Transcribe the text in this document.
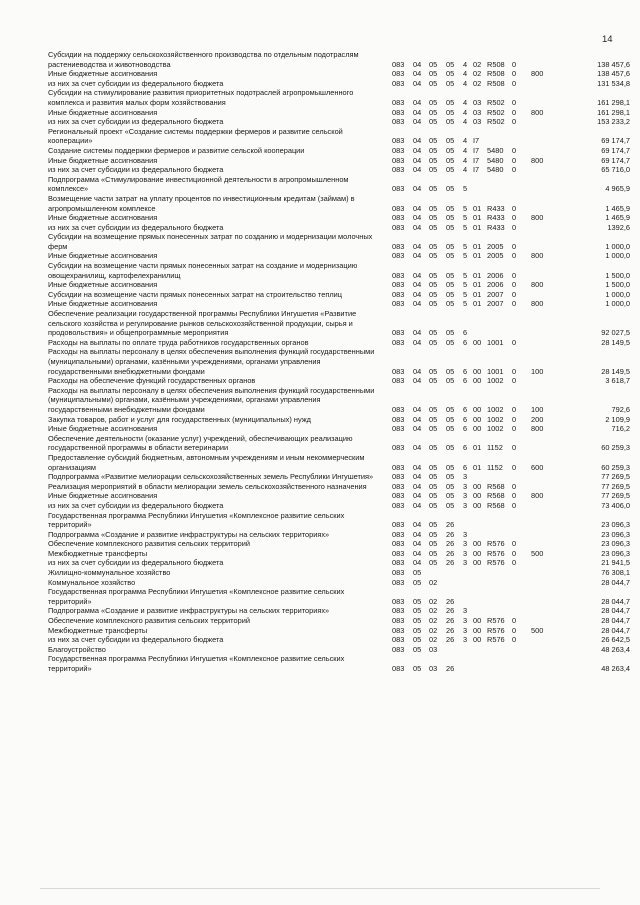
14
Субсидии на поддержку сельскохозяйственного производства по отдельным подотраслям растениеводства и животноводства	083 04 05 05 4 02 R508 0	138 457,6
Иные бюджетные ассигнования	083 04 05 05 4 02 R508 0 800	138 457,6
из них за счет субсидии из федерального бюджета	083 04 05 05 4 02 R508 0	131 534,8
Субсидии на стимулирование развития приоритетных подотраслей агропромышленного комплекса и развития малых форм хозяйствования	083 04 05 05 4 03 R502 0	161 298,1
Иные бюджетные ассигнования	083 04 05 05 4 03 R502 0 800	161 298,1
из них за счет субсидии из федерального бюджета	083 04 05 05 4 03 R502 0	153 233,2
Региональный проект «Создание системы поддержки фермеров и развитие сельской кооперации»	083 04 05 05 4 I7	69 174,7
Создание системы поддержки фермеров и развитие сельской кооперации	083 04 05 05 4 I7 5480 0	69 174,7
Иные бюджетные ассигнования	083 04 05 05 4 I7 5480 0 800	69 174,7
из них за счет субсидии из федерального бюджета	083 04 05 05 4 I7 5480 0	65 716,0
Подпрограмма «Стимулирование инвестиционной деятельности в агропромышленном комплексе»	083 04 05 05 5	4 965,9
Возмещение части затрат на уплату процентов по инвестиционным кредитам (займам) в агропромышленном комплексе	083 04 05 05 5 01 R433 0	1 465,9
Иные бюджетные ассигнования	083 04 05 05 5 01 R433 0 800	1 465,9
из них за счет субсидии из федерального бюджета	083 04 05 05 5 01 R433 0	1392,6
Субсидии на возмещение прямых понесенных затрат по созданию и модернизации молочных ферм	083 04 05 05 5 01 2005 0	1 000,0
Иные бюджетные ассигнования	083 04 05 05 5 01 2005 0 800	1 000,0
Субсидии на возмещение части прямых понесенных затрат на создание и модернизацию овощехранилищ, картофелехранилищ	083 04 05 05 5 01 2006 0	1 500,0
Иные бюджетные ассигнования	083 04 05 05 5 01 2006 0 800	1 500,0
Субсидии на возмещение части прямых понесенных затрат на строительство теплиц	083 04 05 05 5 01 2007 0	1 000,0
Иные бюджетные ассигнования	083 04 05 05 5 01 2007 0 800	1 000,0
Обеспечение реализации государственной программы Республики Ингушетия «Развитие сельского хозяйства и регулирование рынков сельскохозяйственной продукции, сырья и продовольствия» и общепрограммные мероприятия	083 04 05 05 6	92 027,5
Расходы на выплаты по оплате труда работников государственных органов	083 04 05 05 6 00 1001 0	28 149,5
Расходы на выплаты персоналу в целях обеспечения выполнения функций государственными (муниципальными) органами, казёнными учреждениями, органами управления государственными внебюджетными фондами	083 04 05 05 6 00 1001 0 100	28 149,5
Расходы на обеспечение функций государственных органов	083 04 05 05 6 00 1002 0	3 618,7
Расходы на выплаты персоналу в целях обеспечения выполнения функций государственными (муниципальными) органами, казёнными учреждениями, органами управления государственными внебюджетными фондами	083 04 05 05 6 00 1002 0 100	792,6
Закупка товаров, работ и услуг для государственных (муниципальных) нужд	083 04 05 05 6 00 1002 0 200	2 109,9
Иные бюджетные ассигнования	083 04 05 05 6 00 1002 0 800	716,2
Обеспечение деятельности (оказание услуг) учреждений, обеспечивающих реализацию государственной программы в области ветеринарии	083 04 05 05 6 01 1152 0	60 259,3
Предоставление субсидий бюджетным, автономным учреждениям и иным некоммерческим организациям	083 04 05 05 6 01 1152 0 600	60 259,3
Подпрограмма «Развитие мелиорации сельскохозяйственных земель Республики Ингушетия»	083 04 05 05 3	77 269,5
Реализация мероприятий в области мелиорации земель сельскохозяйственного назначения	083 04 05 05 3 00 R568 0	77 269,5
Иные бюджетные ассигнования	083 04 05 05 3 00 R568 0 800	77 269,5
из них за счет субсидии из федерального бюджета	083 04 05 05 3 00 R568 0	73 406,0
Государственная программа Республики Ингушетия «Комплексное развитие сельских территорий»	083 04 05 26	23 096,3
Подпрограмма «Создание и развитие инфраструктуры на сельских территориях»	083 04 05 26 3	23 096,3
Обеспечение комплексного развития сельских территорий	083 04 05 26 3 00 R576 0	23 096,3
Межбюджетные трансферты	083 04 05 26 3 00 R576 0 500	23 096,3
из них за счет субсидии из федерального бюджета	083 04 05 26 3 00 R576 0	21 941,5
Жилищно-коммунальное хозяйство	083 05	76 308,1
Коммунальное хозяйство	083 05 02	28 044,7
Государственная программа Республики Ингушетия «Комплексное развитие сельских территорий»	083 05 02 26	28 044,7
Подпрограмма «Создание и развитие инфраструктуры на сельских территориях»	083 05 02 26 3	28 044,7
Обеспечение комплексного развития сельских территорий	083 05 02 26 3 00 R576 0	28 044,7
Межбюджетные трансферты	083 05 02 26 3 00 R576 0 500	28 044,7
из них за счет субсидии из федерального бюджета	083 05 02 26 3 00 R576 0	26 642,5
Благоустройство	083 05 03	48 263,4
Государственная программа Республики Ингушетия «Комплексное развитие сельских территорий»	083 05 03 26	48 263,4
